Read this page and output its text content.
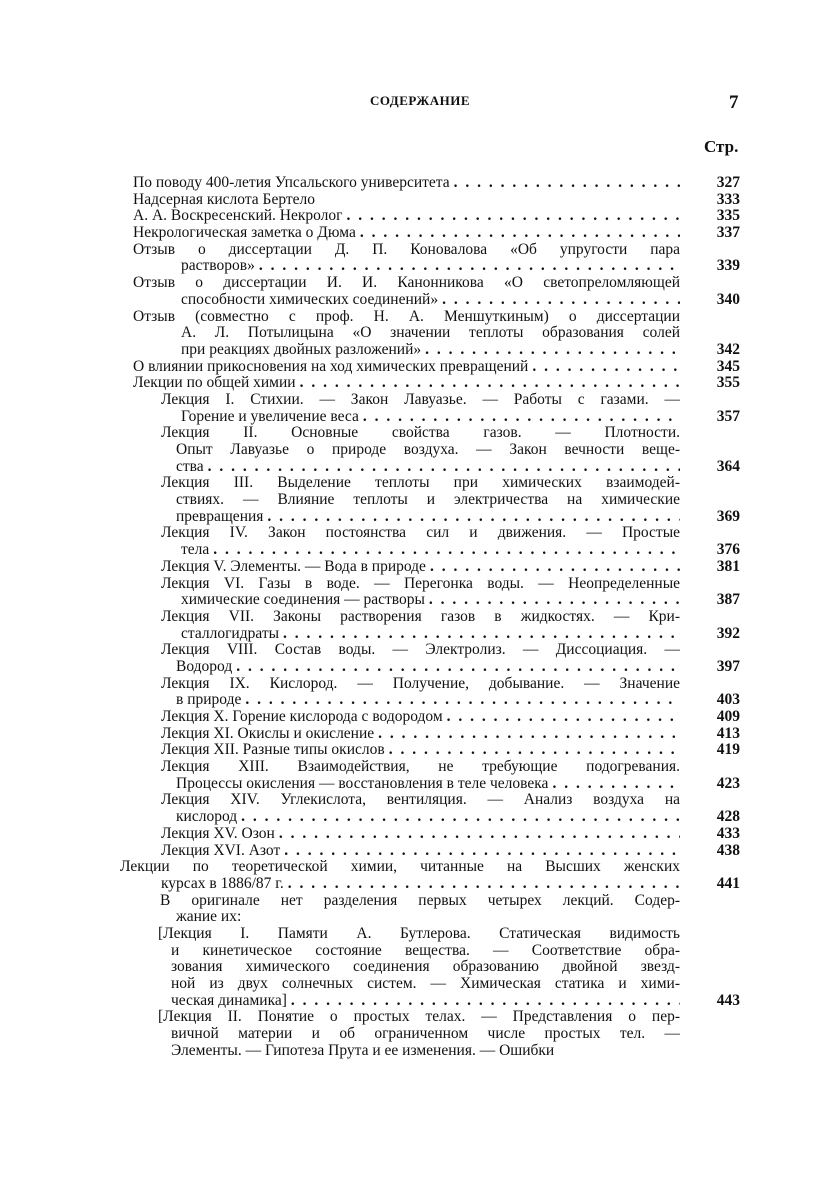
СОДЕРЖАНИЕ	7
Стр.
По поводу 400-летия Упсальского университета . . .	327
Надсерная кислота Бертело	333
А. А. Воскресенский. Некролог . . .	335
Некрологическая заметка о Дюма . . .	337
Отзыв о диссертации Д. П. Коновалова «Об упругости пара
растворов» . . .	339
Отзыв о диссертации И. И. Канонникова «О светопреломляющей
способности химических соединений» . . .	340
Отзыв (совместно с проф. Н. А. Меншуткиным) о диссертации
А. Л. Потылицына «О значении теплоты образования солей
при реакциях двойных разложений» . . .	342
О влиянии прикосновения на ход химических превращений . . .	345
Лекции по общей химии . . .	355
Лекция I. Стихии. — Закон Лавуазье. — Работы с газами. —
Горение и увеличение веса . . .	357
Лекция II. Основные свойства газов. — Плотности.
Опыт Лавуазье о природе воздуха. — Закон вечности веще-
ства . . .	364
Лекция III. Выделение теплоты при химических взаимодей-
ствиях. — Влияние теплоты и электричества на химические
превращения . . .	369
Лекция IV. Закон постоянства сил и движения. — Простые
тела . . .	376
Лекция V. Элементы. — Вода в природе . . .	381
Лекция VI. Газы в воде. — Перегонка воды. — Неопределенные
химические соединения — растворы . . .	387
Лекция VII. Законы растворения газов в жидкостях. — Кри-
сталлогидраты . . .	392
Лекция VIII. Состав воды. — Электролиз. — Диссоциация. —
Водород . . .	397
Лекция IX. Кислород. — Получение, добывание. — Значение
в природе . . .	403
Лекция X. Горение кислорода с водородом . . .	409
Лекция XI. Окислы и окисление . . .	413
Лекция XII. Разные типы окислов . . .	419
Лекция XIII. Взаимодействия, не требующие подогревания.
Процессы окисления — восстановления в теле человека . . .	423
Лекция XIV. Углекислота, вентиляция. — Анализ воздуха на
кислород . . .	428
Лекция XV. Озон . . .	433
Лекция XVI. Азот . . .	438
Лекции по теоретической химии, читанные на Высших женских
курсах в 1886/87 г. . . .	441
В оригинале нет разделения первых четырех лекций. Содер-
жание их:
[Лекция I. Памяти А. Бутлерова. Статическая видимость
и кинетическое состояние вещества. — Соответствие обра-
зования химического соединения образованию двойной звезд-
ной из двух солнечных систем. — Химическая статика и хими-
ческая динамика] . . .	443
[Лекция II. Понятие о простых телах. — Представления о пер-
вичной материи и об ограниченном числе простых тел. —
Элементы. — Гипотеза Прута и ее изменения. — Ошибки
